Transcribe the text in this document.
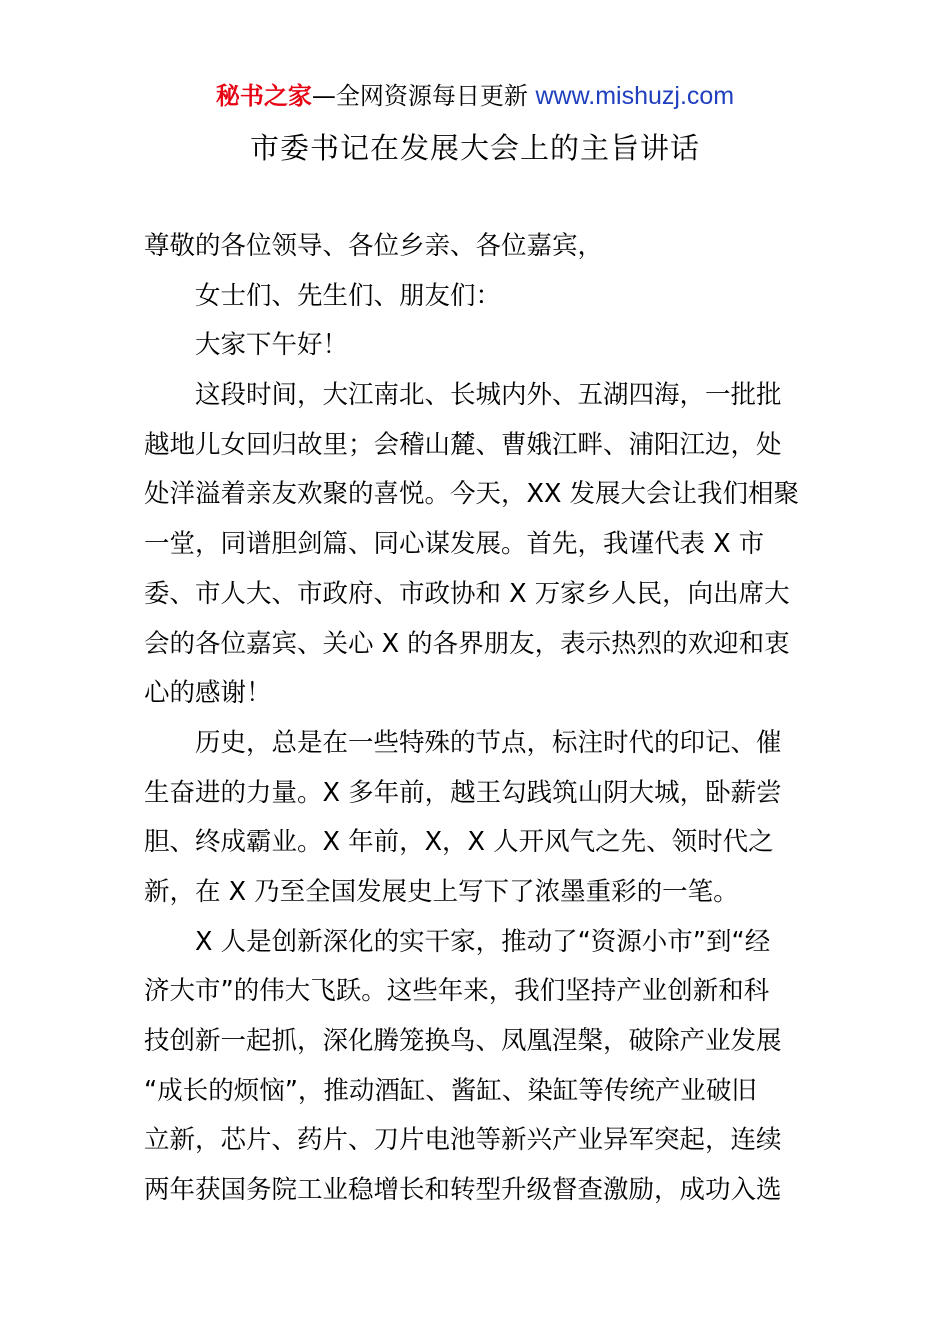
秘书之家—全网资源每日更新 www.mishuzj.com
市委书记在发展大会上的主旨讲话
尊敬的各位领导、各位乡亲、各位嘉宾，
女士们、先生们、朋友们：
大家下午好！
这段时间，大江南北、长城内外、五湖四海，一批批
越地儿女回归故里；会稽山麓、曹娥江畔、浦阳江边，处
处洋溢着亲友欢聚的喜悦。今天，XX 发展大会让我们相聚
一堂，同谱胆剑篇、同心谋发展。首先，我谨代表 X 市
委、市人大、市政府、市政协和 X 万家乡人民，向出席大
会的各位嘉宾、关心 X 的各界朋友，表示热烈的欢迎和衷
心的感谢！
历史，总是在一些特殊的节点，标注时代的印记、催
生奋进的力量。X 多年前，越王勾践筑山阴大城，卧薪尝
胆、终成霸业。X 年前，X，X 人开风气之先、领时代之
新，在 X 乃至全国发展史上写下了浓墨重彩的一笔。
X 人是创新深化的实干家，推动了“资源小市”到“经
济大市”的伟大飞跃。这些年来，我们坚持产业创新和科
技创新一起抓，深化腾笼换鸟、凤凰涅槃，破除产业发展
“成长的烦恼”，推动酒缸、酱缸、染缸等传统产业破旧
立新，芯片、药片、刀片电池等新兴产业异军突起，连续
两年获国务院工业稳增长和转型升级督查激励，成功入选
